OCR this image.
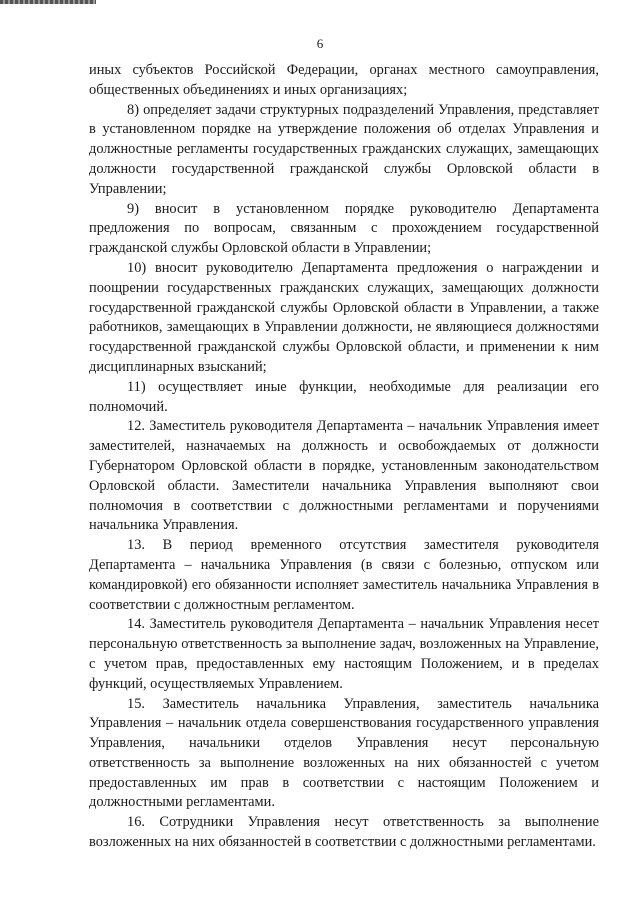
6

иных субъектов Российской Федерации, органах местного самоуправления, общественных объединениях и иных организациях;

8) определяет задачи структурных подразделений Управления, представляет в установленном порядке на утверждение положения об отделах Управления и должностные регламенты государственных гражданских служащих, замещающих должности государственной гражданской службы Орловской области в Управлении;

9) вносит в установленном порядке руководителю Департамента предложения по вопросам, связанным с прохождением государственной гражданской службы Орловской области в Управлении;

10) вносит руководителю Департамента предложения о награждении и поощрении государственных гражданских служащих, замещающих должности государственной гражданской службы Орловской области в Управлении, а также работников, замещающих в Управлении должности, не являющиеся должностями государственной гражданской службы Орловской области, и применении к ним дисциплинарных взысканий;

11) осуществляет иные функции, необходимые для реализации его полномочий.

12. Заместитель руководителя Департамента – начальник Управления имеет заместителей, назначаемых на должность и освобождаемых от должности Губернатором Орловской области в порядке, установленным законодательством Орловской области. Заместители начальника Управления выполняют свои полномочия в соответствии с должностными регламентами и поручениями начальника Управления.

13. В период временного отсутствия заместителя руководителя Департамента – начальника Управления (в связи с болезнью, отпуском или командировкой) его обязанности исполняет заместитель начальника Управления в соответствии с должностным регламентом.

14. Заместитель руководителя Департамента – начальник Управления несет персональную ответственность за выполнение задач, возложенных на Управление, с учетом прав, предоставленных ему настоящим Положением, и в пределах функций, осуществляемых Управлением.

15. Заместитель начальника Управления, заместитель начальника Управления – начальник отдела совершенствования государственного управления Управления, начальники отделов Управления несут персональную ответственность за выполнение возложенных на них обязанностей с учетом предоставленных им прав в соответствии с настоящим Положением и должностными регламентами.

16. Сотрудники Управления несут ответственность за выполнение возложенных на них обязанностей в соответствии с должностными регламентами.
